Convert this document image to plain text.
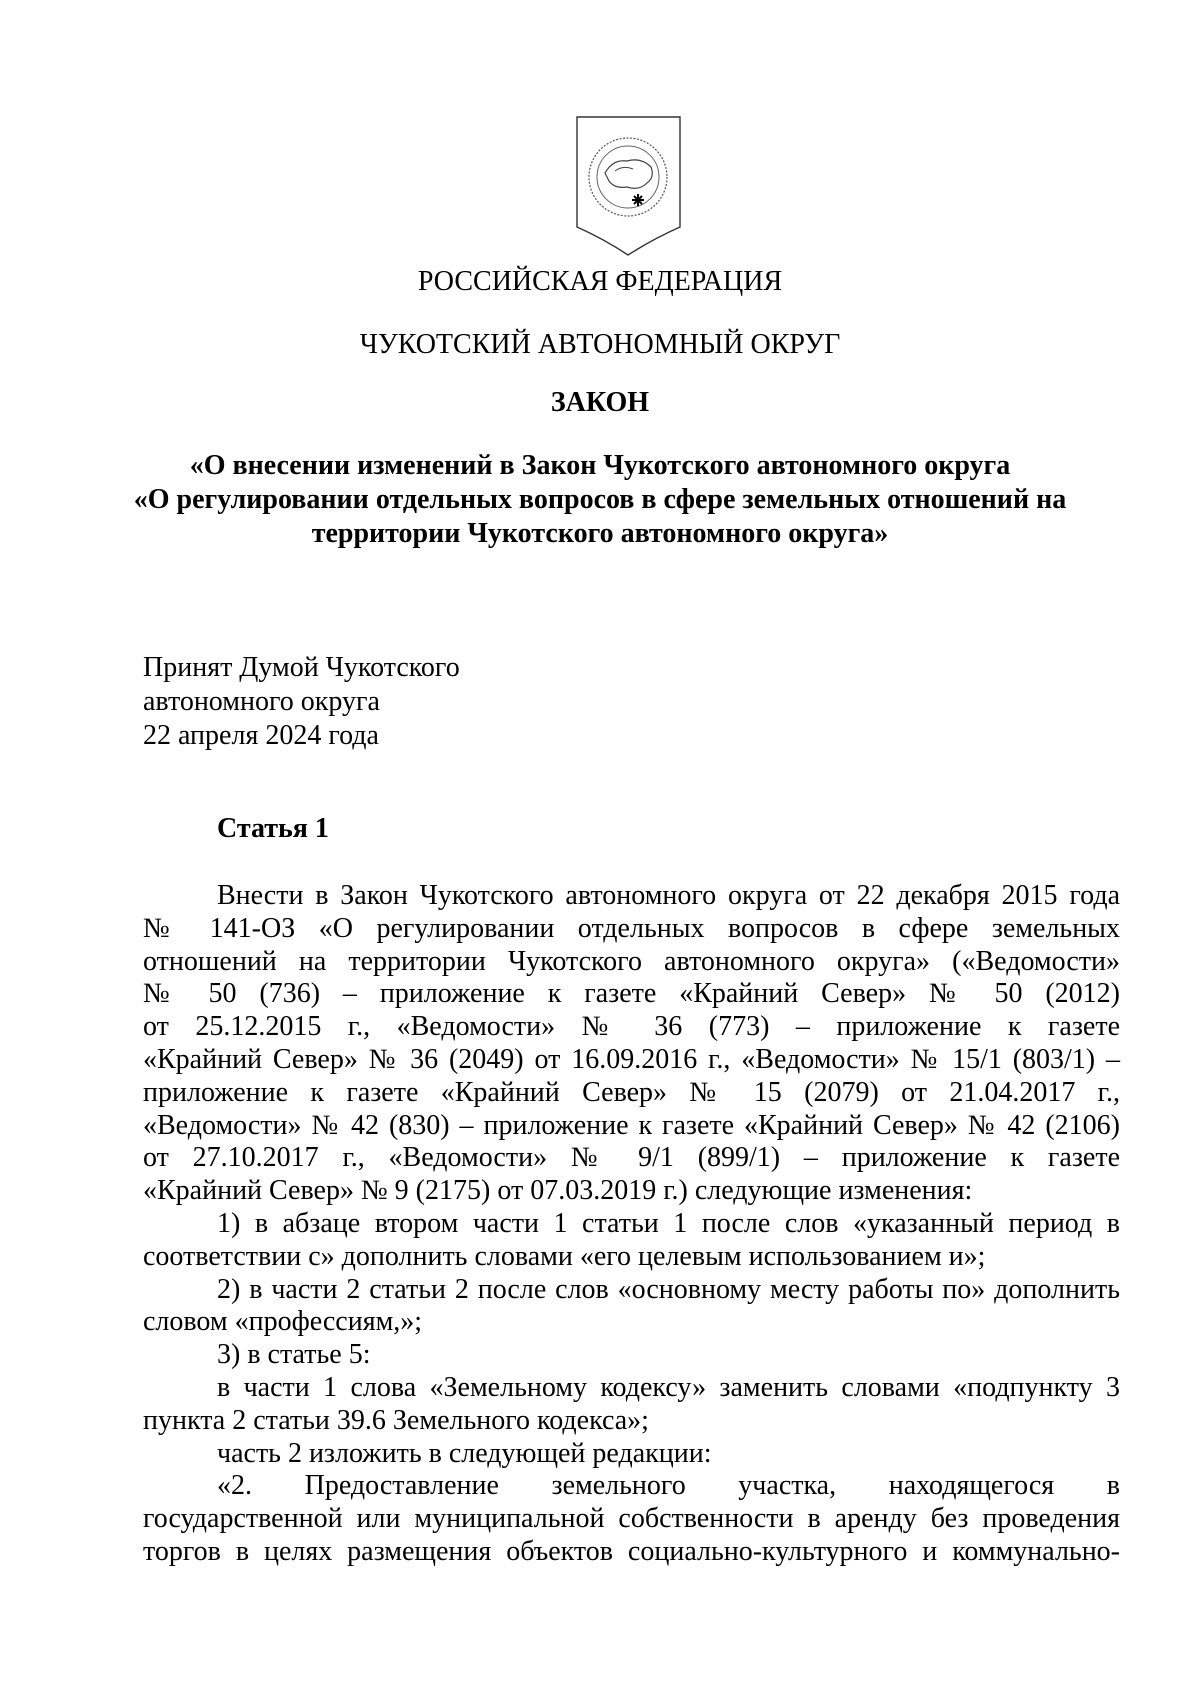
РОССИЙСКАЯ ФЕДЕРАЦИЯ
ЧУКОТСКИЙ АВТОНОМНЫЙ ОКРУГ
ЗАКОН
«О внесении изменений в Закон Чукотского автономного округа
«О регулировании отдельных вопросов в сфере земельных отношений на
территории Чукотского автономного округа»
Принят Думой Чукотского
автономного округа
22 апреля 2024 года
Статья 1
Внести в Закон Чукотского автономного округа от 22 декабря 2015 года
№ 141-ОЗ «О регулировании отдельных вопросов в сфере земельных
отношений на территории Чукотского автономного округа» («Ведомости»
№ 50 (736) – приложение к газете «Крайний Север» № 50 (2012)
от 25.12.2015 г., «Ведомости» № 36 (773) – приложение к газете
«Крайний Север» № 36 (2049) от 16.09.2016 г., «Ведомости» № 15/1 (803/1) –
приложение к газете «Крайний Север» № 15 (2079) от 21.04.2017 г.,
«Ведомости» № 42 (830) – приложение к газете «Крайний Север» № 42 (2106)
от 27.10.2017 г., «Ведомости» № 9/1 (899/1) – приложение к газете
«Крайний Север» № 9 (2175) от 07.03.2019 г.) следующие изменения:
1) в абзаце втором части 1 статьи 1 после слов «указанный период в
соответствии с» дополнить словами «его целевым использованием и»;
2) в части 2 статьи 2 после слов «основному месту работы по» дополнить
словом «профессиям,»;
3) в статье 5:
в части 1 слова «Земельному кодексу» заменить словами «подпункту 3
пункта 2 статьи 39.6 Земельного кодекса»;
часть 2 изложить в следующей редакции:
«2. Предоставление земельного участка, находящегося в
государственной или муниципальной собственности в аренду без проведения
торгов в целях размещения объектов социально-культурного и коммунально-
